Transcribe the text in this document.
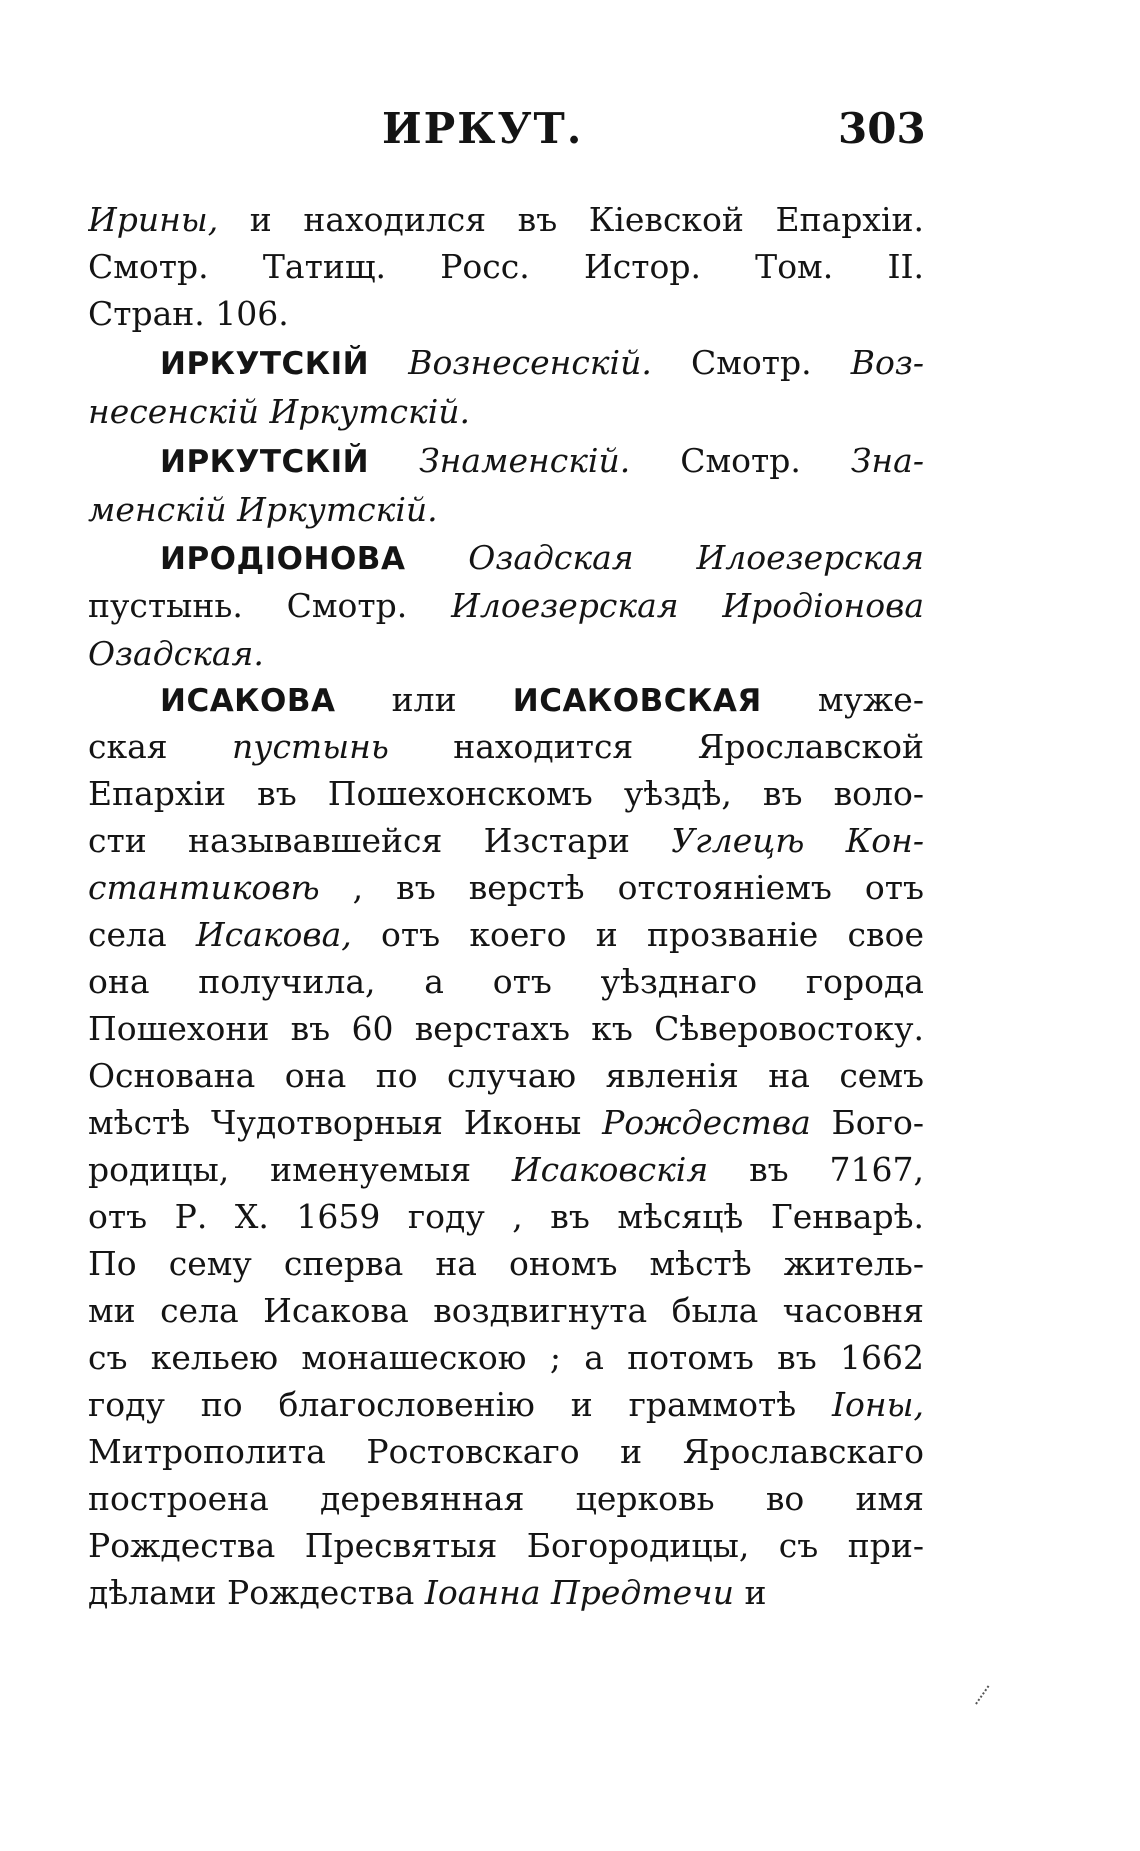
ИРКУТ.	303
Ирины, и находился въ Кiевской Епархiи.
Смотр.  Татищ.  Росс.  Истор.  Том.  II.
Стран. 106.
ИРКУТСКIЙ Вознесенскiй. Смотр. Воз-
несенскiй Иркутскiй.
ИРКУТСКIЙ Знаменскiй. Смотр. Зна-
менскiй Иркутскiй.
ИРОДIОНОВА Озадская  Илоезерская
пустынь. Смотр. Илоезерская Иродiонова
Озадская.
ИСАКОВА или ИСАКОВСКАЯ муже-
ская пустынь находится Ярославской
Епархiи въ Пошехонскомъ уѣздѣ, въ воло-
сти называвшейся Изстари Углецѣ Кон-
стантиковѣ , въ верстѣ отстоянiемъ отъ
села Исакова, отъ коего и прозванiе свое
она получила, а отъ уѣзднаго города
Пошехони въ 60 верстахъ къ Сѣверовостоку.
Основана она по случаю явленiя на семъ
мѣстѣ Чудотворныя Иконы Рождества Бого-
родицы, именуемыя Исаковскiя въ 7167,
отъ Р. Х. 1659 году , въ мѣсяцѣ Генварѣ.
По сему сперва на ономъ мѣстѣ житель-
ми села Исакова воздвигнута была часовня
съ кельею монашескою ; а потомъ въ 1662
году по благословенiю и граммотѣ Iоны,
Митрополита Ростовскаго и Ярославскаго
построена деревянная церковь во имя
Рождества Пресвятыя Богородицы, съ при-
дѣлами Рождества Iоанна Предтечи и
